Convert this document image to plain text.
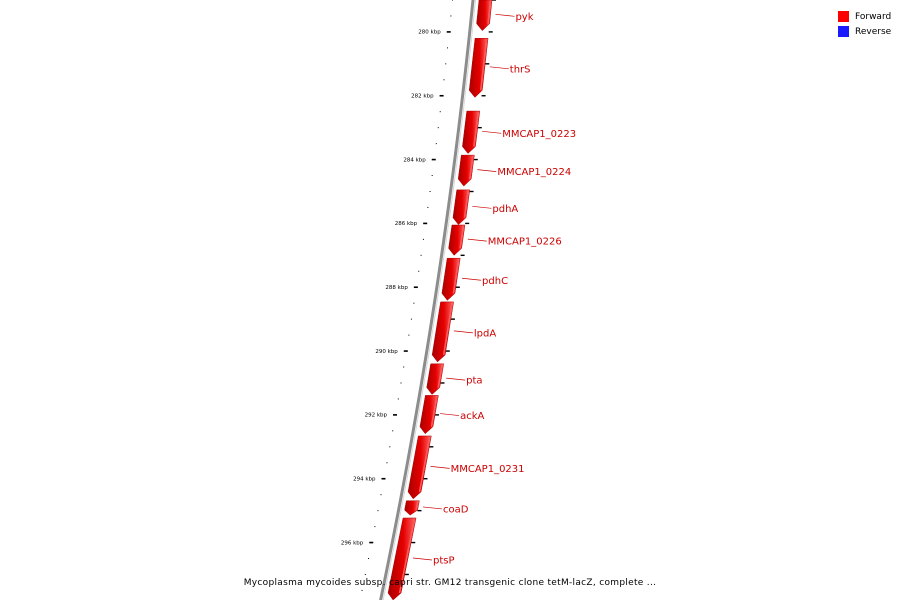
280 kbp
282 kbp
284 kbp
286 kbp
288 kbp
290 kbp
292 kbp
294 kbp
296 kbp
pyk
thrS
MMCAP1_0223
MMCAP1_0224
pdhA
MMCAP1_0226
pdhC
lpdA
pta
ackA
MMCAP1_0231
coaD
ptsP
Forward
Reverse
Mycoplasma mycoides subsp. capri str. GM12 transgenic clone tetM-lacZ, complete ...
